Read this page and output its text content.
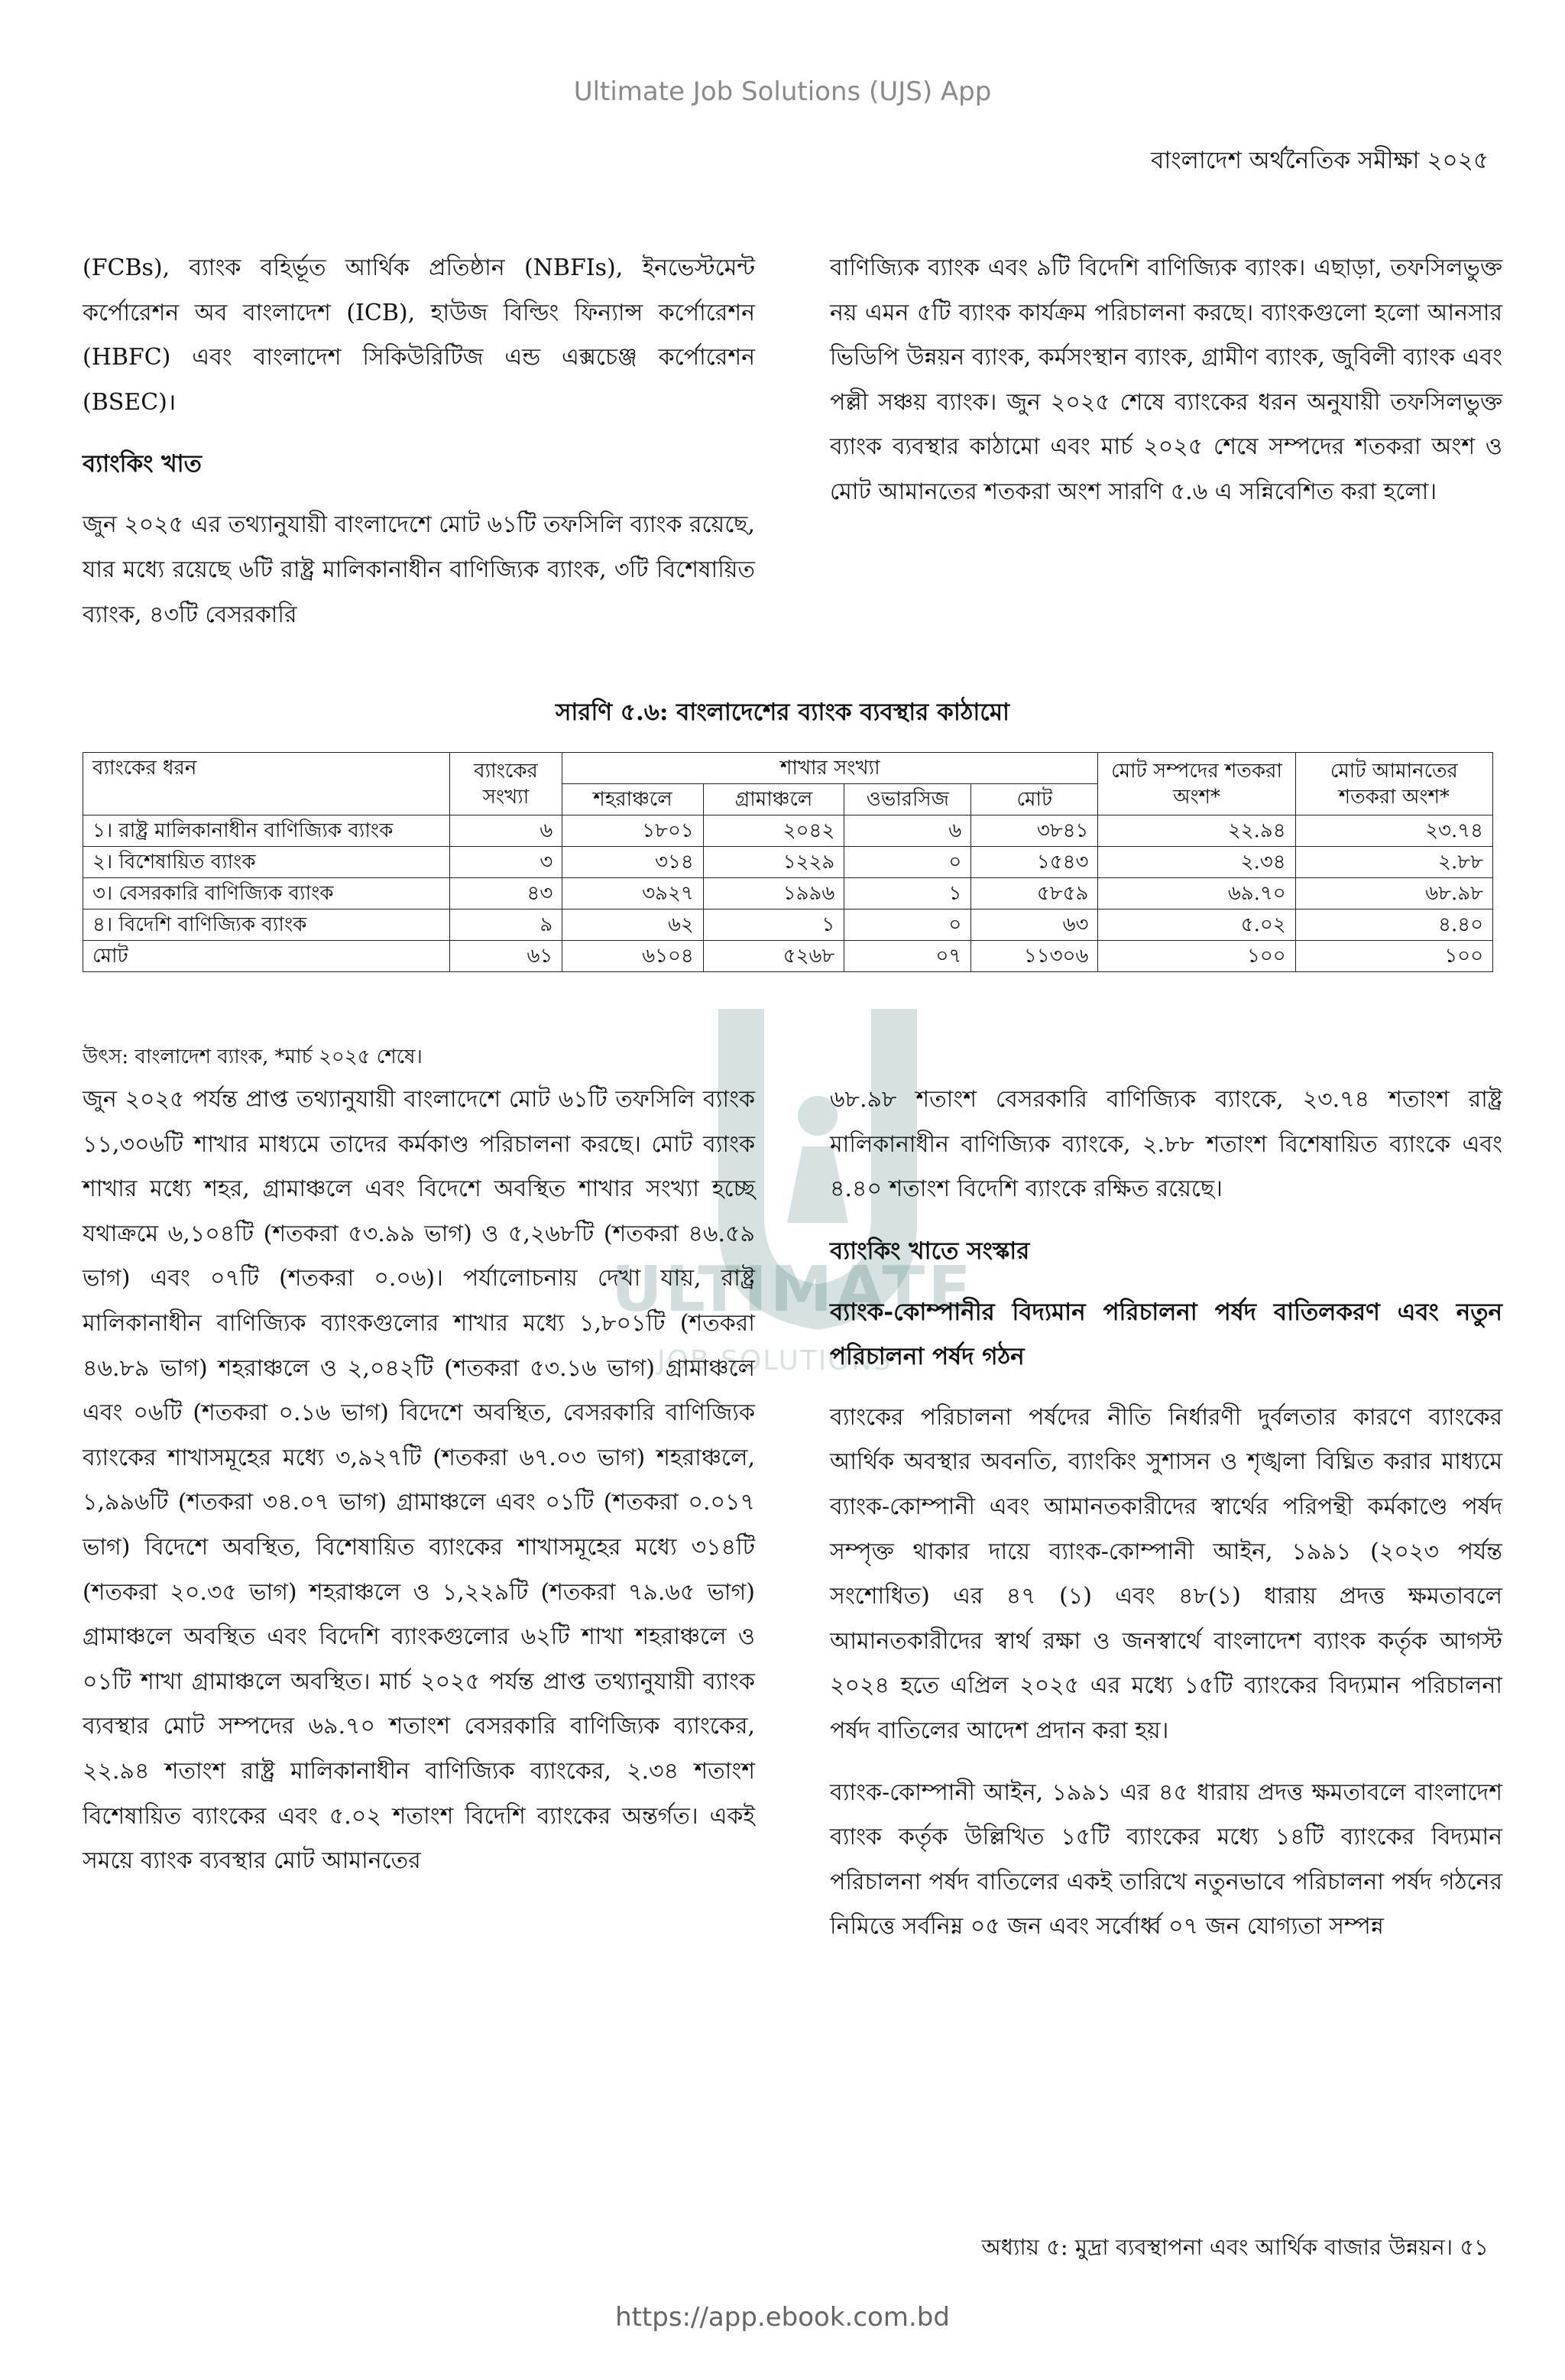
Ultimate Job Solutions (UJS) App
বাংলাদেশ অর্থনৈতিক সমীক্ষা ২০২৫

(FCBs), ব্যাংক বহির্ভূত আর্থিক প্রতিষ্ঠান (NBFIs), ইনভেস্টমেন্ট কর্পোরেশন অব বাংলাদেশ (ICB), হাউজ বিল্ডিং ফিন্যান্স কর্পোরেশন (HBFC) এবং বাংলাদেশ সিকিউরিটিজ এন্ড এক্সচেঞ্জ কর্পোরেশন (BSEC)।

ব্যাংকিং খাত

জুন ২০২৫ এর তথ্যানুযায়ী বাংলাদেশে মোট ৬১টি তফসিলি ব্যাংক রয়েছে, যার মধ্যে রয়েছে ৬টি রাষ্ট্র মালিকানাধীন বাণিজ্যিক ব্যাংক, ৩টি বিশেষায়িত ব্যাংক, ৪৩টি বেসরকারি

বাণিজ্যিক ব্যাংক এবং ৯টি বিদেশি বাণিজ্যিক ব্যাংক। এছাড়া, তফসিলভুক্ত নয় এমন ৫টি ব্যাংক কার্যক্রম পরিচালনা করছে। ব্যাংকগুলো হলো আনসার ভিডিপি উন্নয়ন ব্যাংক, কর্মসংস্থান ব্যাংক, গ্রামীণ ব্যাংক, জুবিলী ব্যাংক এবং পল্লী সঞ্চয় ব্যাংক। জুন ২০২৫ শেষে ব্যাংকের ধরন অনুযায়ী তফসিলভুক্ত ব্যাংক ব্যবস্থার কাঠামো এবং মার্চ ২০২৫ শেষে সম্পদের শতকরা অংশ ও মোট আমানতের শতকরা অংশ সারণি ৫.৬ এ সন্নিবেশিত করা হলো।

সারণি ৫.৬: বাংলাদেশের ব্যাংক ব্যবস্থার কাঠামো
ব্যাংকের ধরন	ব্যাংকের সংখ্যা	শাখার সংখ্যা				মোট সম্পদের শতকরা অংশ*	মোট আমানতের শতকরা অংশ*
		শহরাঞ্চলে	গ্রামাঞ্চলে	ওভারসিজ	মোট		
১। রাষ্ট্র মালিকানাধীন বাণিজ্যিক ব্যাংক	৬	১৮০১	২০৪২	৬	৩৮৪১	২২.৯৪	২৩.৭৪
২। বিশেষায়িত ব্যাংক	৩	৩১৪	১২২৯	০	১৫৪৩	২.৩৪	২.৮৮
৩। বেসরকারি বাণিজ্যিক ব্যাংক	৪৩	৩৯২৭	১৯৯৬	১	৫৮৫৯	৬৯.৭০	৬৮.৯৮
৪। বিদেশি বাণিজ্যিক ব্যাংক	৯	৬২	১	০	৬৩	৫.০২	৪.৪০
মোট	৬১	৬১০৪	৫২৬৮	০৭	১১৩০৬	১০০	১০০
উৎস: বাংলাদেশ ব্যাংক, *মার্চ ২০২৫ শেষে।
ULTIMATE
JOB SOLUTIONS

জুন ২০২৫ পর্যন্ত প্রাপ্ত তথ্যানুযায়ী বাংলাদেশে মোট ৬১টি তফসিলি ব্যাংক ১১,৩০৬টি শাখার মাধ্যমে তাদের কর্মকাণ্ড পরিচালনা করছে। মোট ব্যাংক শাখার মধ্যে শহর, গ্রামাঞ্চলে এবং বিদেশে অবস্থিত শাখার সংখ্যা হচ্ছে যথাক্রমে ৬,১০৪টি (শতকরা ৫৩.৯৯ ভাগ) ও ৫,২৬৮টি (শতকরা ৪৬.৫৯ ভাগ) এবং ০৭টি (শতকরা ০.০৬)। পর্যালোচনায় দেখা যায়, রাষ্ট্র মালিকানাধীন বাণিজ্যিক ব্যাংকগুলোর শাখার মধ্যে ১,৮০১টি (শতকরা ৪৬.৮৯ ভাগ) শহরাঞ্চলে ও ২,০৪২টি (শতকরা ৫৩.১৬ ভাগ) গ্রামাঞ্চলে এবং ০৬টি (শতকরা ০.১৬ ভাগ) বিদেশে অবস্থিত, বেসরকারি বাণিজ্যিক ব্যাংকের শাখাসমূহের মধ্যে ৩,৯২৭টি (শতকরা ৬৭.০৩ ভাগ) শহরাঞ্চলে, ১,৯৯৬টি (শতকরা ৩৪.০৭ ভাগ) গ্রামাঞ্চলে এবং ০১টি (শতকরা ০.০১৭ ভাগ) বিদেশে অবস্থিত, বিশেষায়িত ব্যাংকের শাখাসমূহের মধ্যে ৩১৪টি (শতকরা ২০.৩৫ ভাগ) শহরাঞ্চলে ও ১,২২৯টি (শতকরা ৭৯.৬৫ ভাগ) গ্রামাঞ্চলে অবস্থিত এবং বিদেশি ব্যাংকগুলোর ৬২টি শাখা শহরাঞ্চলে ও ০১টি শাখা গ্রামাঞ্চলে অবস্থিত। মার্চ ২০২৫ পর্যন্ত প্রাপ্ত তথ্যানুযায়ী ব্যাংক ব্যবস্থার মোট সম্পদের ৬৯.৭০ শতাংশ বেসরকারি বাণিজ্যিক ব্যাংকের, ২২.৯৪ শতাংশ রাষ্ট্র মালিকানাধীন বাণিজ্যিক ব্যাংকের, ২.৩৪ শতাংশ বিশেষায়িত ব্যাংকের এবং ৫.০২ শতাংশ বিদেশি ব্যাংকের অন্তর্গত। একই সময়ে ব্যাংক ব্যবস্থার মোট আমানতের

৬৮.৯৮ শতাংশ বেসরকারি বাণিজ্যিক ব্যাংকে, ২৩.৭৪ শতাংশ রাষ্ট্র মালিকানাধীন বাণিজ্যিক ব্যাংকে, ২.৮৮ শতাংশ বিশেষায়িত ব্যাংকে এবং ৪.৪০ শতাংশ বিদেশি ব্যাংকে রক্ষিত রয়েছে।

ব্যাংকিং খাতে সংস্কার
ব্যাংক-কোম্পানীর বিদ্যমান পরিচালনা পর্ষদ বাতিলকরণ এবং নতুন পরিচালনা পর্ষদ গঠন

ব্যাংকের পরিচালনা পর্ষদের নীতি নির্ধারণী দুর্বলতার কারণে ব্যাংকের আর্থিক অবস্থার অবনতি, ব্যাংকিং সুশাসন ও শৃঙ্খলা বিঘ্নিত করার মাধ্যমে ব্যাংক-কোম্পানী এবং আমানতকারীদের স্বার্থের পরিপন্থী কর্মকাণ্ডে পর্ষদ সম্পৃক্ত থাকার দায়ে ব্যাংক-কোম্পানী আইন, ১৯৯১ (২০২৩ পর্যন্ত সংশোধিত) এর ৪৭ (১) এবং ৪৮(১) ধারায় প্রদত্ত ক্ষমতাবলে আমানতকারীদের স্বার্থ রক্ষা ও জনস্বার্থে বাংলাদেশ ব্যাংক কর্তৃক আগস্ট ২০২৪ হতে এপ্রিল ২০২৫ এর মধ্যে ১৫টি ব্যাংকের বিদ্যমান পরিচালনা পর্ষদ বাতিলের আদেশ প্রদান করা হয়।

ব্যাংক-কোম্পানী আইন, ১৯৯১ এর ৪৫ ধারায় প্রদত্ত ক্ষমতাবলে বাংলাদেশ ব্যাংক কর্তৃক উল্লিখিত ১৫টি ব্যাংকের মধ্যে ১৪টি ব্যাংকের বিদ্যমান পরিচালনা পর্ষদ বাতিলের একই তারিখে নতুনভাবে পরিচালনা পর্ষদ গঠনের নিমিত্তে সর্বনিম্ন ০৫ জন এবং সর্বোর্ধ্ব ০৭ জন যোগ্যতা সম্পন্ন

অধ্যায় ৫: মুদ্রা ব্যবস্থাপনা এবং আর্থিক বাজার উন্নয়ন। ৫১
https://app.ebook.com.bd
